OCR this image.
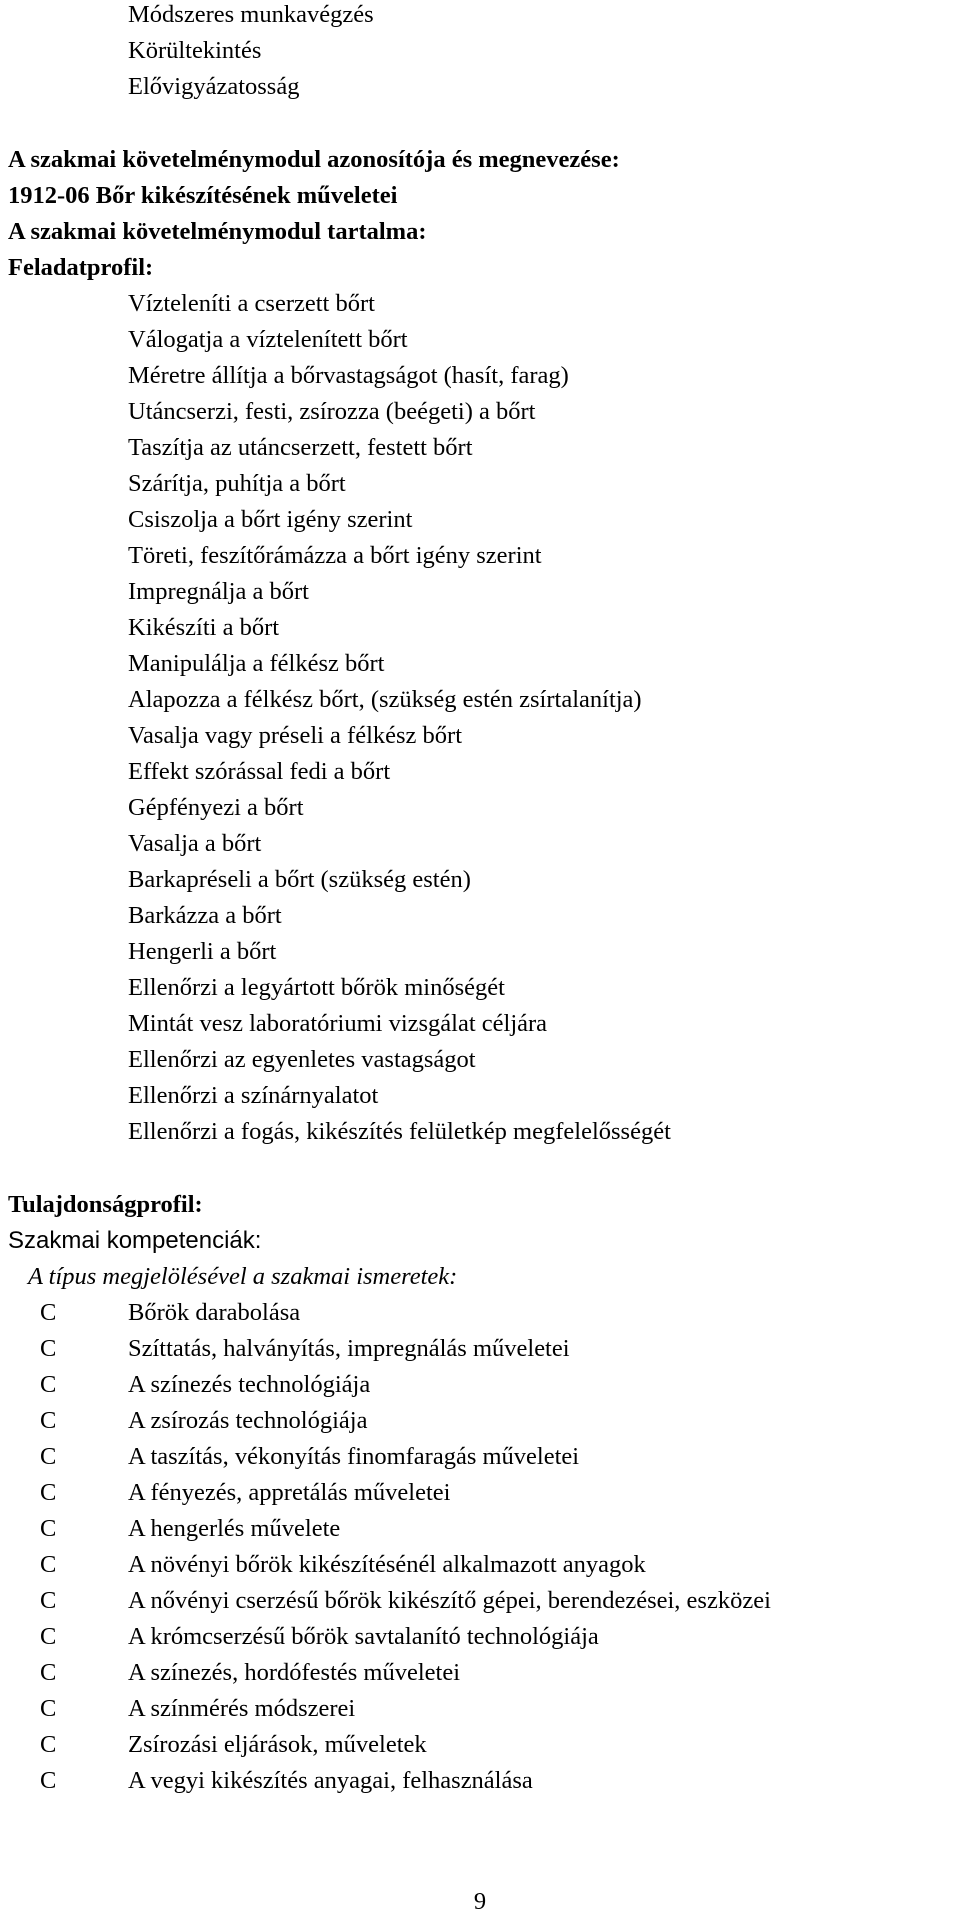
Módszeres munkavégzés
Körültekintés
Elővigyázatosság
A szakmai követelménymodul azonosítója és megnevezése:
1912-06 Bőr kikészítésének műveletei
A szakmai követelménymodul tartalma:
Feladatprofil:
Vízteleníti a cserzett bőrt
Válogatja a víztelenített bőrt
Méretre állítja a bőrvastagságot (hasít, farag)
Utáncserzi, festi, zsírozza (beégeti) a bőrt
Taszítja az utáncserzett, festett bőrt
Szárítja, puhítja a bőrt
Csiszolja a bőrt igény szerint
Töreti, feszítőrámázza a bőrt igény szerint
Impregnálja a bőrt
Kikészíti a bőrt
Manipulálja a félkész bőrt
Alapozza a félkész bőrt, (szükség estén zsírtalanítja)
Vasalja vagy préseli a félkész bőrt
Effekt szórással fedi a bőrt
Gépfényezi a bőrt
Vasalja a bőrt
Barkapréseli a bőrt (szükség estén)
Barkázza a bőrt
Hengerli a bőrt
Ellenőrzi a legyártott bőrök minőségét
Mintát vesz laboratóriumi vizsgálat céljára
Ellenőrzi az egyenletes vastagságot
Ellenőrzi a színárnyalatot
Ellenőrzi a fogás, kikészítés felületkép megfelelősségét
Tulajdonságprofil:
Szakmai kompetenciák:
A típus megjelölésével a szakmai ismeretek:
C	Bőrök darabolása
C	Szíttatás, halványítás, impregnálás műveletei
C	A színezés technológiája
C	A zsírozás technológiája
C	A taszítás, vékonyítás finomfaragás műveletei
C	A fényezés, appretálás műveletei
C	A hengerlés művelete
C	A növényi bőrök kikészítésénél alkalmazott anyagok
C	A nővényi cserzésű bőrök kikészítő gépei, berendezései, eszközei
C	A krómcserzésű bőrök savtalanító technológiája
C	A színezés, hordófestés műveletei
C	A színmérés módszerei
C	Zsírozási eljárások, műveletek
C	A vegyi kikészítés anyagai, felhasználása
9
